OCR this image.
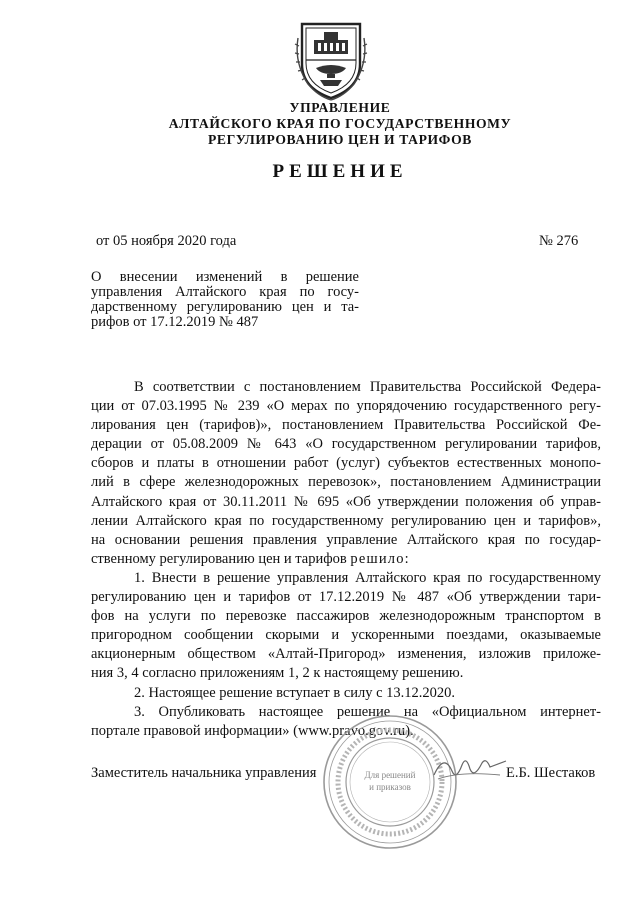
УПРАВЛЕНИЕ
АЛТАЙСКОГО КРАЯ ПО ГОСУДАРСТВЕННОМУ
РЕГУЛИРОВАНИЮ ЦЕН И ТАРИФОВ
РЕШЕНИЕ
от 05 ноября 2020 года	№ 276
О внесении изменений в решение
управления Алтайского края по госу-
дарственному регулированию цен и та-
рифов от 17.12.2019 № 487

В соответствии с постановлением Правительства Российской Федера-
ции от 07.03.1995 № 239 «О мерах по упорядочению государственного регу-
лирования цен (тарифов)», постановлением Правительства Российской Фе-
дерации от 05.08.2009 № 643 «О государственном регулировании тарифов,
сборов и платы в отношении работ (услуг) субъектов естественных монопо-
лий в сфере железнодорожных перевозок», постановлением Администрации
Алтайского края от 30.11.2011 № 695 «Об утверждении положения об управ-
лении Алтайского края по государственному регулированию цен и тарифов»,
на основании решения правления управление Алтайского края по государ-
ственному регулированию цен и тарифов решило:

1. Внести в решение управления Алтайского края по государственному
регулированию цен и тарифов от 17.12.2019 № 487 «Об утверждении тари-
фов на услуги по перевозке пассажиров железнодорожным транспортом в
пригородном сообщении скорыми и ускоренными поездами, оказываемые
акционерным обществом «Алтай-Пригород» изменения, изложив приложе-
ния 3, 4 согласно приложениям 1, 2 к настоящему решению.

2. Настоящее решение вступает в силу с 13.12.2020.

3. Опубликовать настоящее решение на «Официальном интернет-
портале правовой информации» (www.pravo.gov.ru).

Для решений
и приказов
Заместитель начальника управления	Е.Б. Шестаков
